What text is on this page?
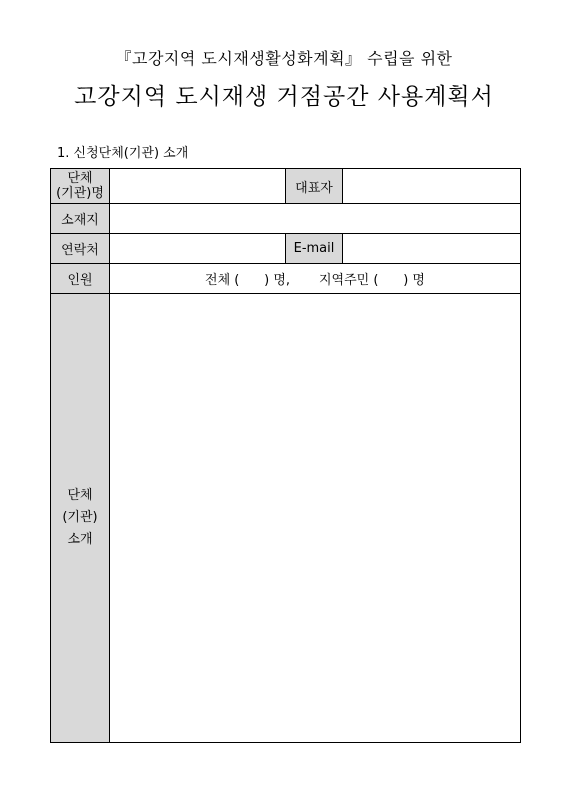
『고강지역 도시재생활성화계획』 수립을 위한
고강지역 도시재생 거점공간 사용계획서
1. 신청단체(기관) 소개
단체
(기관)명		대표자	
소재지			
연락처		E-mail	
인원	전체 (      ) 명,       지역주민 (      ) 명		

단체
(기관)
소개			
